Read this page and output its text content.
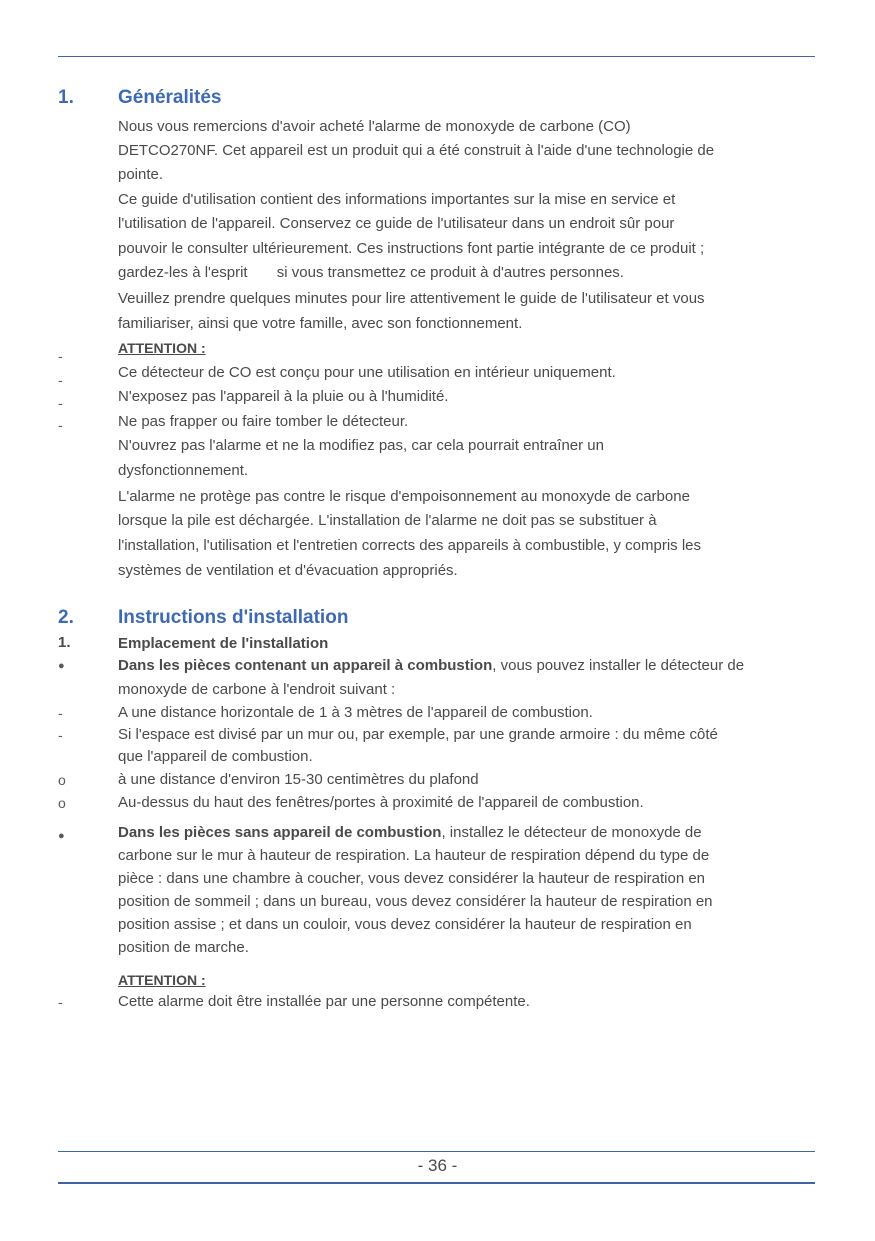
1. Généralités
Nous vous remercions d'avoir acheté l'alarme de monoxyde de carbone (CO)
DETCO270NF. Cet appareil est un produit qui a été construit à l'aide d'une technologie de
pointe.
Ce guide d'utilisation contient des informations importantes sur la mise en service et
l'utilisation de l'appareil. Conservez ce guide de l'utilisateur dans un endroit sûr pour
pouvoir le consulter ultérieurement. Ces instructions font partie intégrante de ce produit ;
gardez-les à l'esprit       si vous transmettez ce produit à d'autres personnes.
Veuillez prendre quelques minutes pour lire attentivement le guide de l'utilisateur et vous
familiariser, ainsi que votre famille, avec son fonctionnement.
-	ATTENTION :
-	Ce détecteur de CO est conçu pour une utilisation en intérieur uniquement.
-	N'exposez pas l'appareil à la pluie ou à l'humidité.
-	Ne pas frapper ou faire tomber le détecteur.
N'ouvrez pas l'alarme et ne la modifiez pas, car cela pourrait entraîner un
dysfonctionnement.
L'alarme ne protège pas contre le risque d'empoisonnement au monoxyde de carbone
lorsque la pile est déchargée. L'installation de l'alarme ne doit pas se substituer à
l'installation, l'utilisation et l'entretien corrects des appareils à combustible, y compris les
systèmes de ventilation et d'évacuation appropriés.
2. Instructions d'installation
1.	Emplacement de l'installation
●	Dans les pièces contenant un appareil à combustion, vous pouvez installer le détecteur de
monoxyde de carbone à l'endroit suivant :
-	A une distance horizontale de 1 à 3 mètres de l'appareil de combustion.
-	Si l'espace est divisé par un mur ou, par exemple, par une grande armoire : du même côté
que l'appareil de combustion.
o	à une distance d'environ 15-30 centimètres du plafond
o	Au-dessus du haut des fenêtres/portes à proximité de l'appareil de combustion.
●	Dans les pièces sans appareil de combustion, installez le détecteur de monoxyde de
carbone sur le mur à hauteur de respiration. La hauteur de respiration dépend du type de
pièce : dans une chambre à coucher, vous devez considérer la hauteur de respiration en
position de sommeil ; dans un bureau, vous devez considérer la hauteur de respiration en
position assise ; et dans un couloir, vous devez considérer la hauteur de respiration en
position de marche.
ATTENTION :
-	Cette alarme doit être installée par une personne compétente.
- 36 -
